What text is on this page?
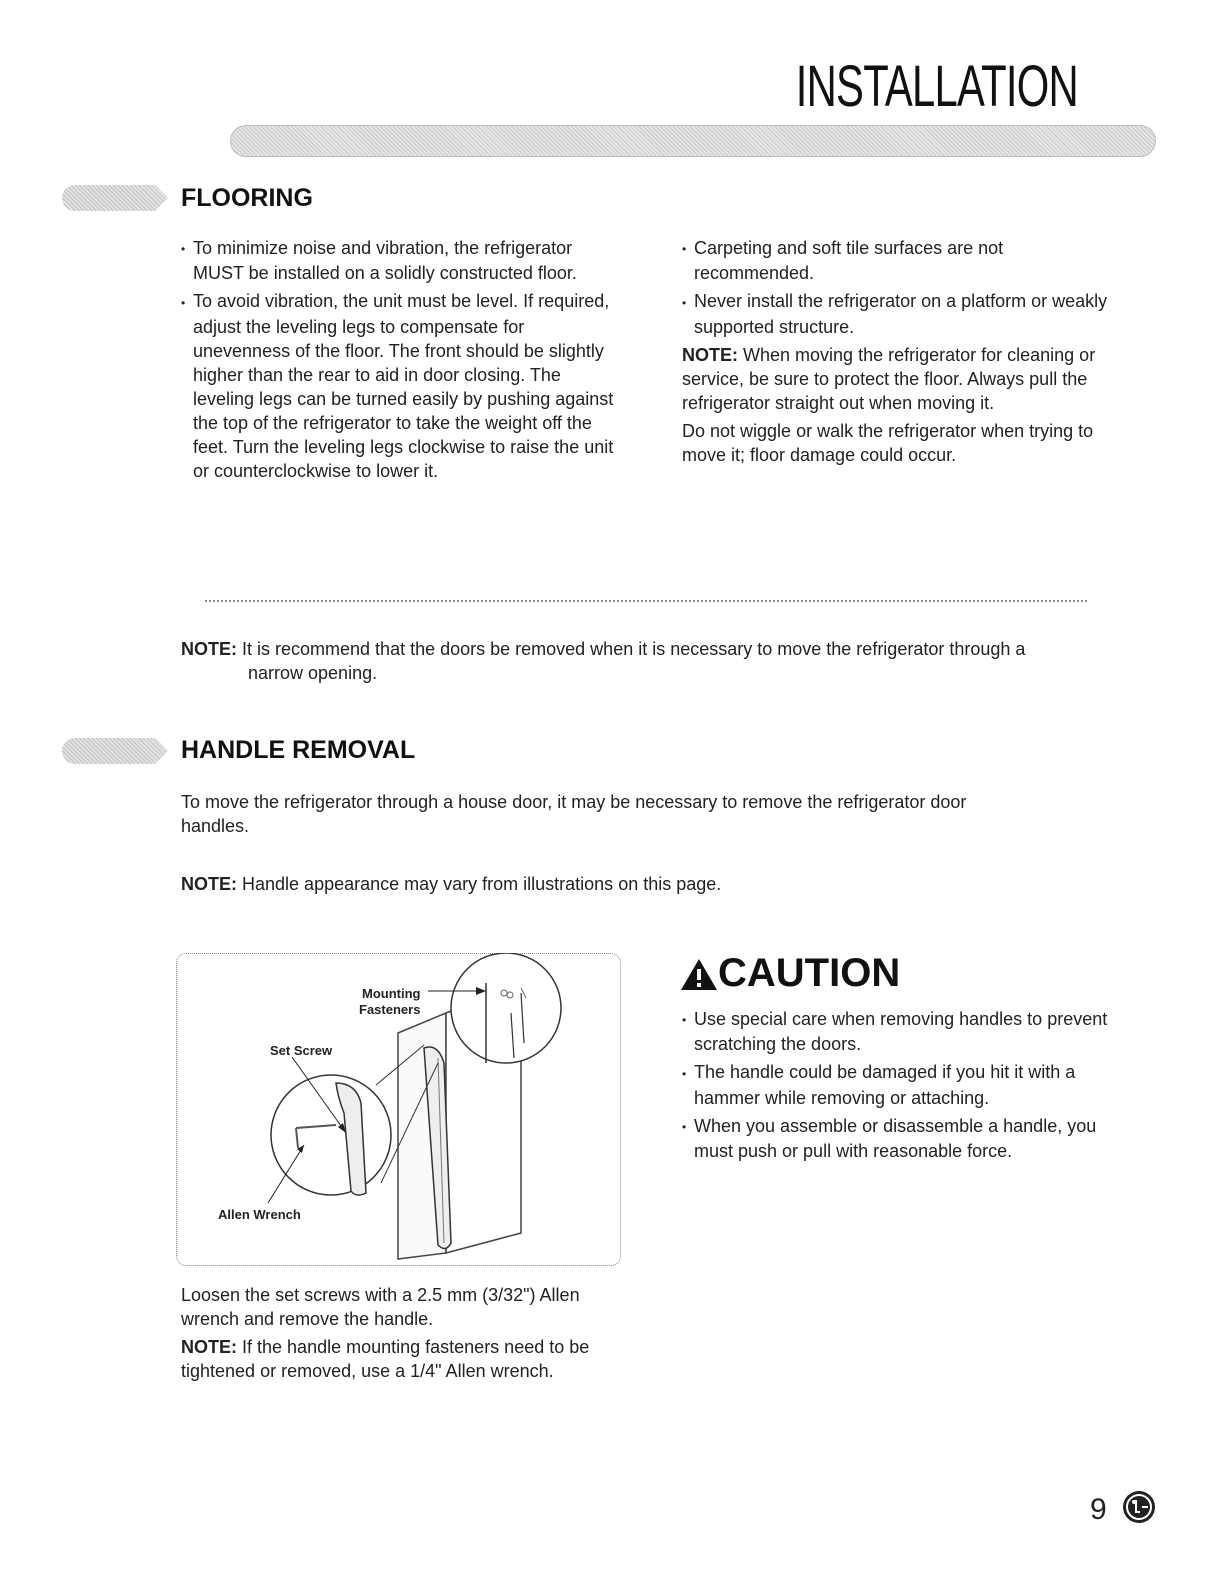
INSTALLATION
FLOORING

• To minimize noise and vibration, the refrigerator MUST be installed on a solidly constructed floor.

• To avoid vibration, the unit must be level. If required, adjust the leveling legs to compensate for unevenness of the floor. The front should be slightly higher than the rear to aid in door closing. The leveling legs can be turned easily by pushing against the top of the refrigerator to take the weight off the feet. Turn the leveling legs clockwise to raise the unit or counterclockwise to lower it.

• Carpeting and soft tile surfaces are not recommended.

• Never install the refrigerator on a platform or weakly supported structure.

NOTE: When moving the refrigerator for cleaning or service, be sure to protect the floor. Always pull the refrigerator straight out when moving it.

Do not wiggle or walk the refrigerator when trying to move it; floor damage could occur.

NOTE: It is recommend that the doors be removed when it is necessary to move the refrigerator through a

narrow opening.

HANDLE REMOVAL
To move the refrigerator through a house door, it may be necessary to remove the refrigerator door handles.
NOTE: Handle appearance may vary from illustrations on this page.
Mounting
Fasteners
Set Screw
Allen Wrench

Loosen the set screws with a 2.5 mm (3/32") Allen wrench and remove the handle.

NOTE: If the handle mounting fasteners need to be tightened or removed, use a 1/4" Allen wrench.

CAUTION

• Use special care when removing handles to prevent scratching the doors.

• The handle could be damaged if you hit it with a hammer while removing or attaching.

• When you assemble or disassemble a handle, you must push or pull with reasonable force.

9
